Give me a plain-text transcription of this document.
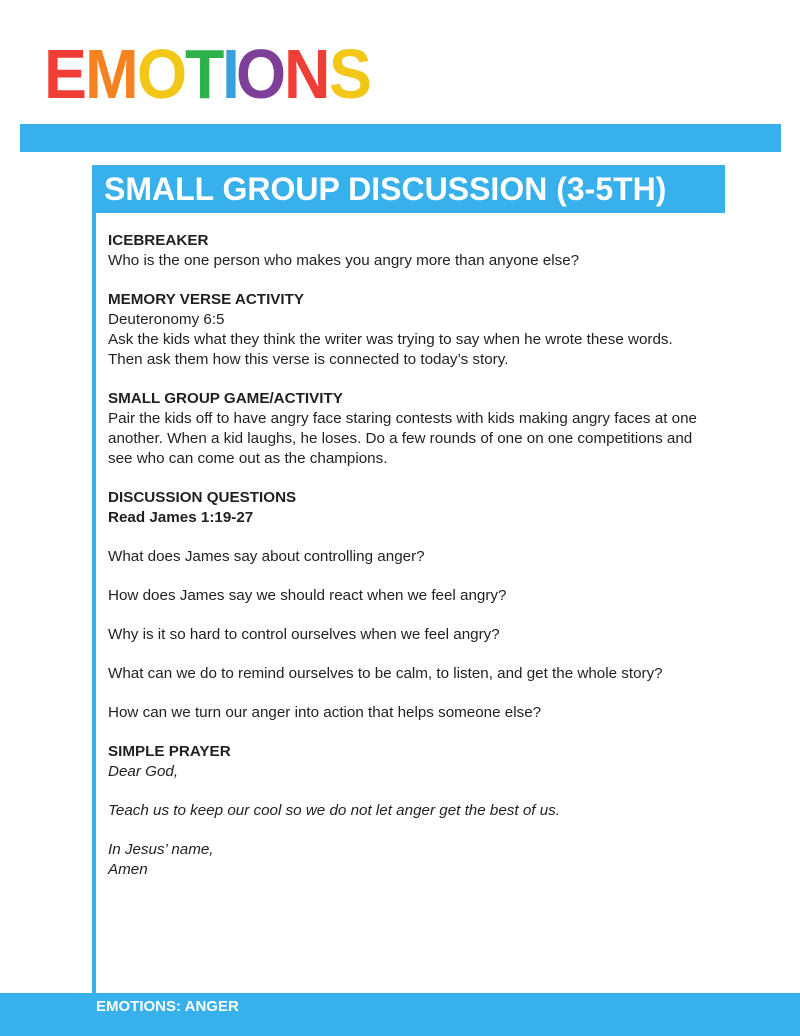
E M O T I
O N S
SMALL GROUP DISCUSSION (3-5TH)
ICEBREAKER
Who is the one person who makes you angry more than anyone else?
MEMORY VERSE ACTIVITY
Deuteronomy 6:5
Ask the kids what they think the writer was trying to say when he wrote these words.
Then ask them how this verse is connected to today’s story.
SMALL GROUP GAME/ACTIVITY
Pair the kids off to have angry face staring contests with kids making angry faces at one
another. When a kid laughs, he loses. Do a few rounds of one on one competitions and
see who can come out as the champions.
DISCUSSION QUESTIONS
Read James 1:19-27
What does James say about controlling anger?
How does James say we should react when we feel angry?
Why is it so hard to control ourselves when we feel angry?
What can we do to remind ourselves to be calm, to listen, and get the whole story?
How can we turn our anger into action that helps someone else?
SIMPLE PRAYER
Dear God,
Teach us to keep our cool so we do not let anger get the best of us.
In Jesus’ name,
Amen
EMOTIONS: ANGER
